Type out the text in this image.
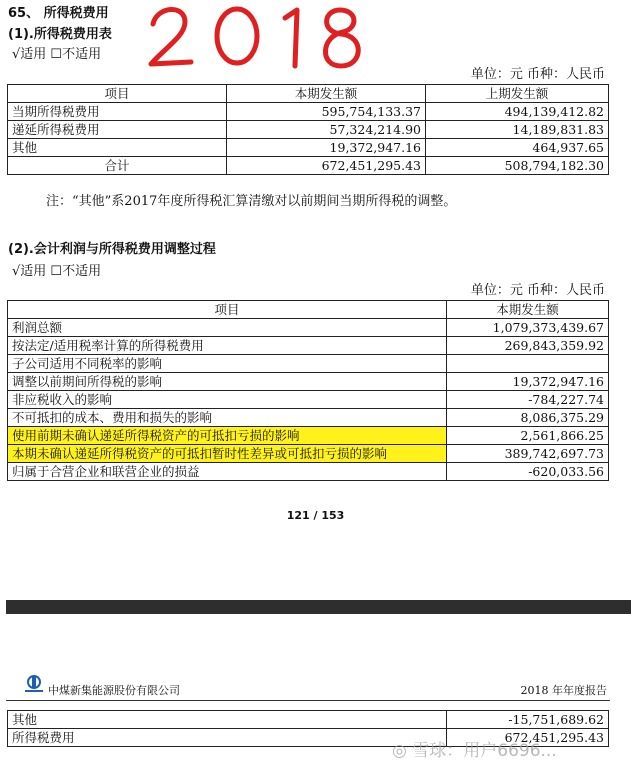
65、 所得税费用
(1).所得税费用表
√适用 ☐不适用
单位：元 币种：人民币
项目	本期发生额	上期发生额
当期所得税费用	595,754,133.37	494,139,412.82
递延所得税费用	57,324,214.90	14,189,831.83
其他	19,372,947.16	464,937.65
合计	672,451,295.43	508,794,182.30
注：“其他”系2017年度所得税汇算清缴对以前期间当期所得税的调整。
(2).会计利润与所得税费用调整过程
√适用 ☐不适用
单位：元 币种：人民币
项目	本期发生额
利润总额	1,079,373,439.67
按法定/适用税率计算的所得税费用	269,843,359.92
子公司适用不同税率的影响	
调整以前期间所得税的影响	19,372,947.16
非应税收入的影响	-784,227.74
不可抵扣的成本、费用和损失的影响	8,086,375.29
使用前期未确认递延所得税资产的可抵扣亏损的影响	2,561,866.25
本期未确认递延所得税资产的可抵扣暂时性差异或可抵扣亏损的影响	389,742,697.73
归属于合营企业和联营企业的损益	-620,033.56
121 / 153
中煤新集能源股份有限公司	2018 年年度报告
其他	-15,751,689.62
所得税费用	672,451,295.43
◎ 雪球：用户6696...
